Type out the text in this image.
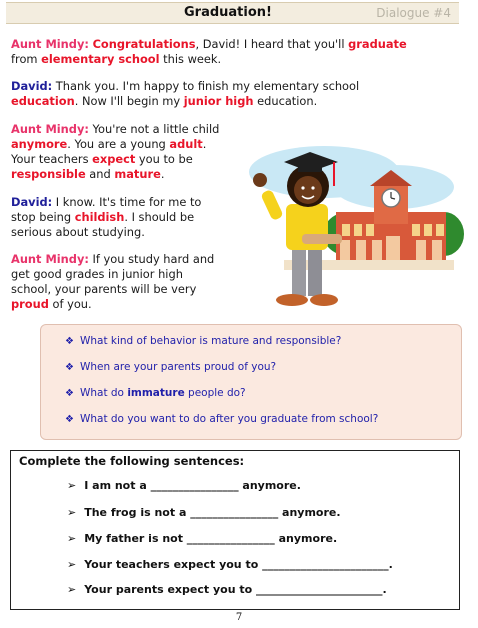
Graduation!	Dialogue #4
Aunt Mindy: Congratulations, David! I heard that you'll graduate
from elementary school this week.
David: Thank you. I'm happy to finish my elementary school
education. Now I'll begin my junior high education.
Aunt Mindy: You're not a little child
anymore. You are a young adult.
Your teachers expect you to be
responsible and mature.
David: I know. It's time for me to
stop being childish. I should be
serious about studying.
Aunt Mindy: If you study hard and
get good grades in junior high
school, your parents will be very
proud of you.
❖ What kind of behavior is mature and responsible?
❖ When are your parents proud of you?
❖ What do immature people do?
❖ What do you want to do after you graduate from school?
Complete the following sentences:
➢ I am not a ________________ anymore.
➢ The frog is not a ________________ anymore.
➢ My father is not ________________ anymore.
➢ Your teachers expect you to _______________________.
➢ Your parents expect you to _______________________.
7
